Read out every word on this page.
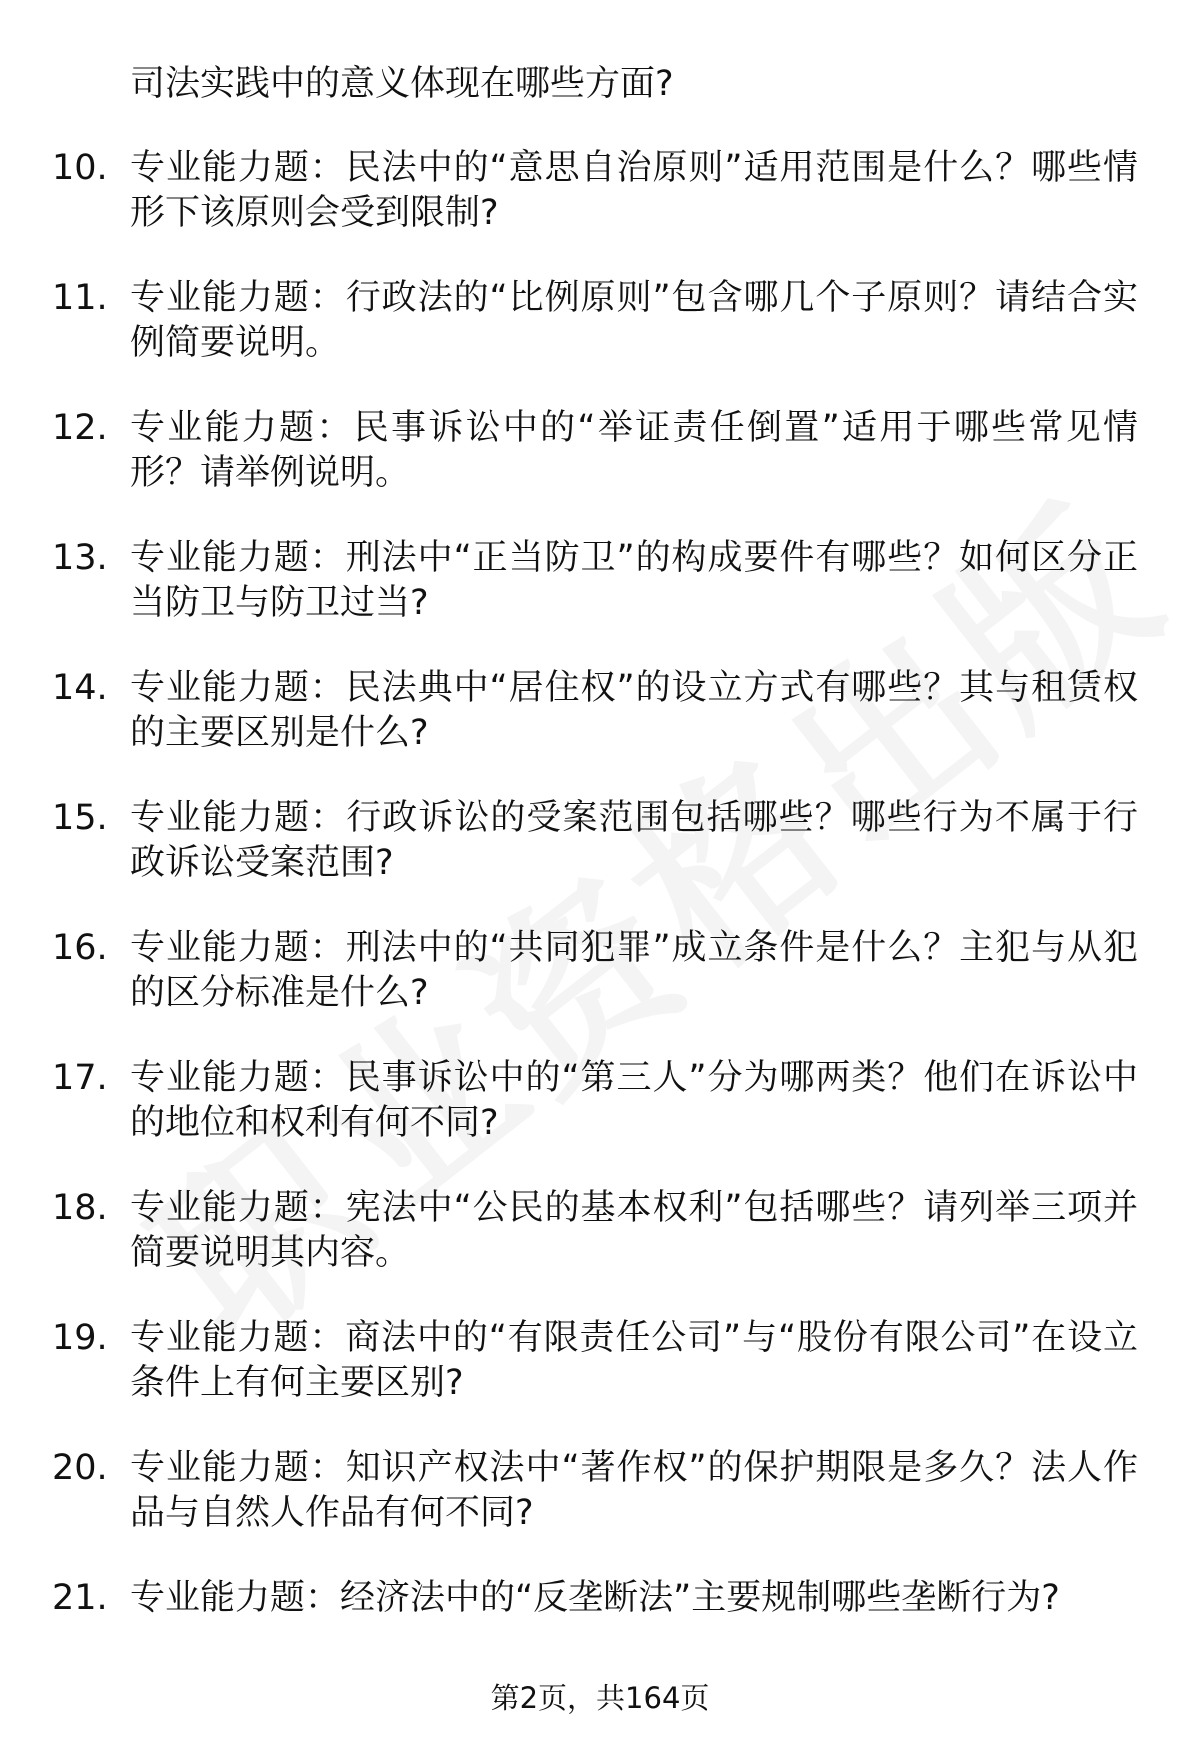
司法实践中的意义体现在哪些方面?

10. 专业能力题：民法中的“意思自治原则”适用范围是什么？哪些情形下该原则会受到限制?
11. 专业能力题：行政法的“比例原则”包含哪几个子原则？请结合实例简要说明。
12. 专业能力题：民事诉讼中的“举证责任倒置”适用于哪些常见情形？请举例说明。
13. 专业能力题：刑法中“正当防卫”的构成要件有哪些？如何区分正当防卫与防卫过当?
14. 专业能力题：民法典中“居住权”的设立方式有哪些？其与租赁权的主要区别是什么?
15. 专业能力题：行政诉讼的受案范围包括哪些？哪些行为不属于行政诉讼受案范围?
16. 专业能力题：刑法中的“共同犯罪”成立条件是什么？主犯与从犯的区分标准是什么?
17. 专业能力题：民事诉讼中的“第三人”分为哪两类？他们在诉讼中的地位和权利有何不同?
18. 专业能力题：宪法中“公民的基本权利”包括哪些？请列举三项并简要说明其内容。
19. 专业能力题：商法中的“有限责任公司”与“股份有限公司”在设立条件上有何主要区别?
20. 专业能力题：知识产权法中“著作权”的保护期限是多久？法人作品与自然人作品有何不同?
21. 专业能力题：经济法中的“反垄断法”主要规制哪些垄断行为?
第2页，共164页
